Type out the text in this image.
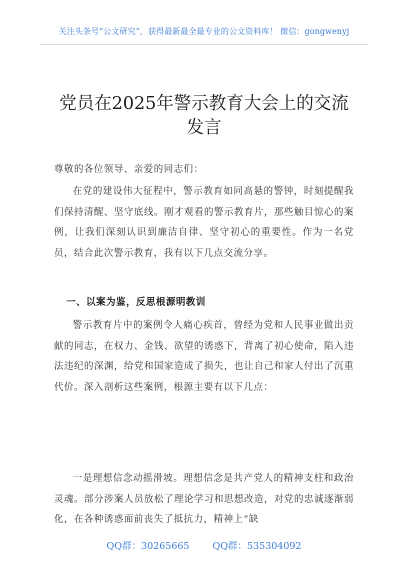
关注头条号“公文研究”，获得最新最全最专业的公文资料库！ 微信：gongwenyj
党员在2025年警示教育大会上的交流
发言
尊敬的各位领导、亲爱的同志们：
在党的建设伟大征程中，警示教育如同高悬的警钟，时刻提醒我们保持清醒、坚守底线。刚才观看的警示教育片，那些触目惊心的案例，让我们深刻认识到廉洁自律、坚守初心的重要性。作为一名党员，结合此次警示教育，我有以下几点交流分享。
一、以案为鉴，反思根源明教训
警示教育片中的案例令人痛心疾首，曾经为党和人民事业做出贡献的同志，在权力、金钱、欲望的诱惑下，背离了初心使命，陷入违法违纪的深渊，给党和国家造成了损失，也让自己和家人付出了沉重代价。深入剖析这些案例，根源主要有以下几点：
一是理想信念动摇滑坡。理想信念是共产党人的精神支柱和政治灵魂。部分涉案人员放松了理论学习和思想改造，对党的忠诚逐渐弱化，在各种诱惑面前丧失了抵抗力，精神上“缺
QQ群：30265665 QQ群：535304092
